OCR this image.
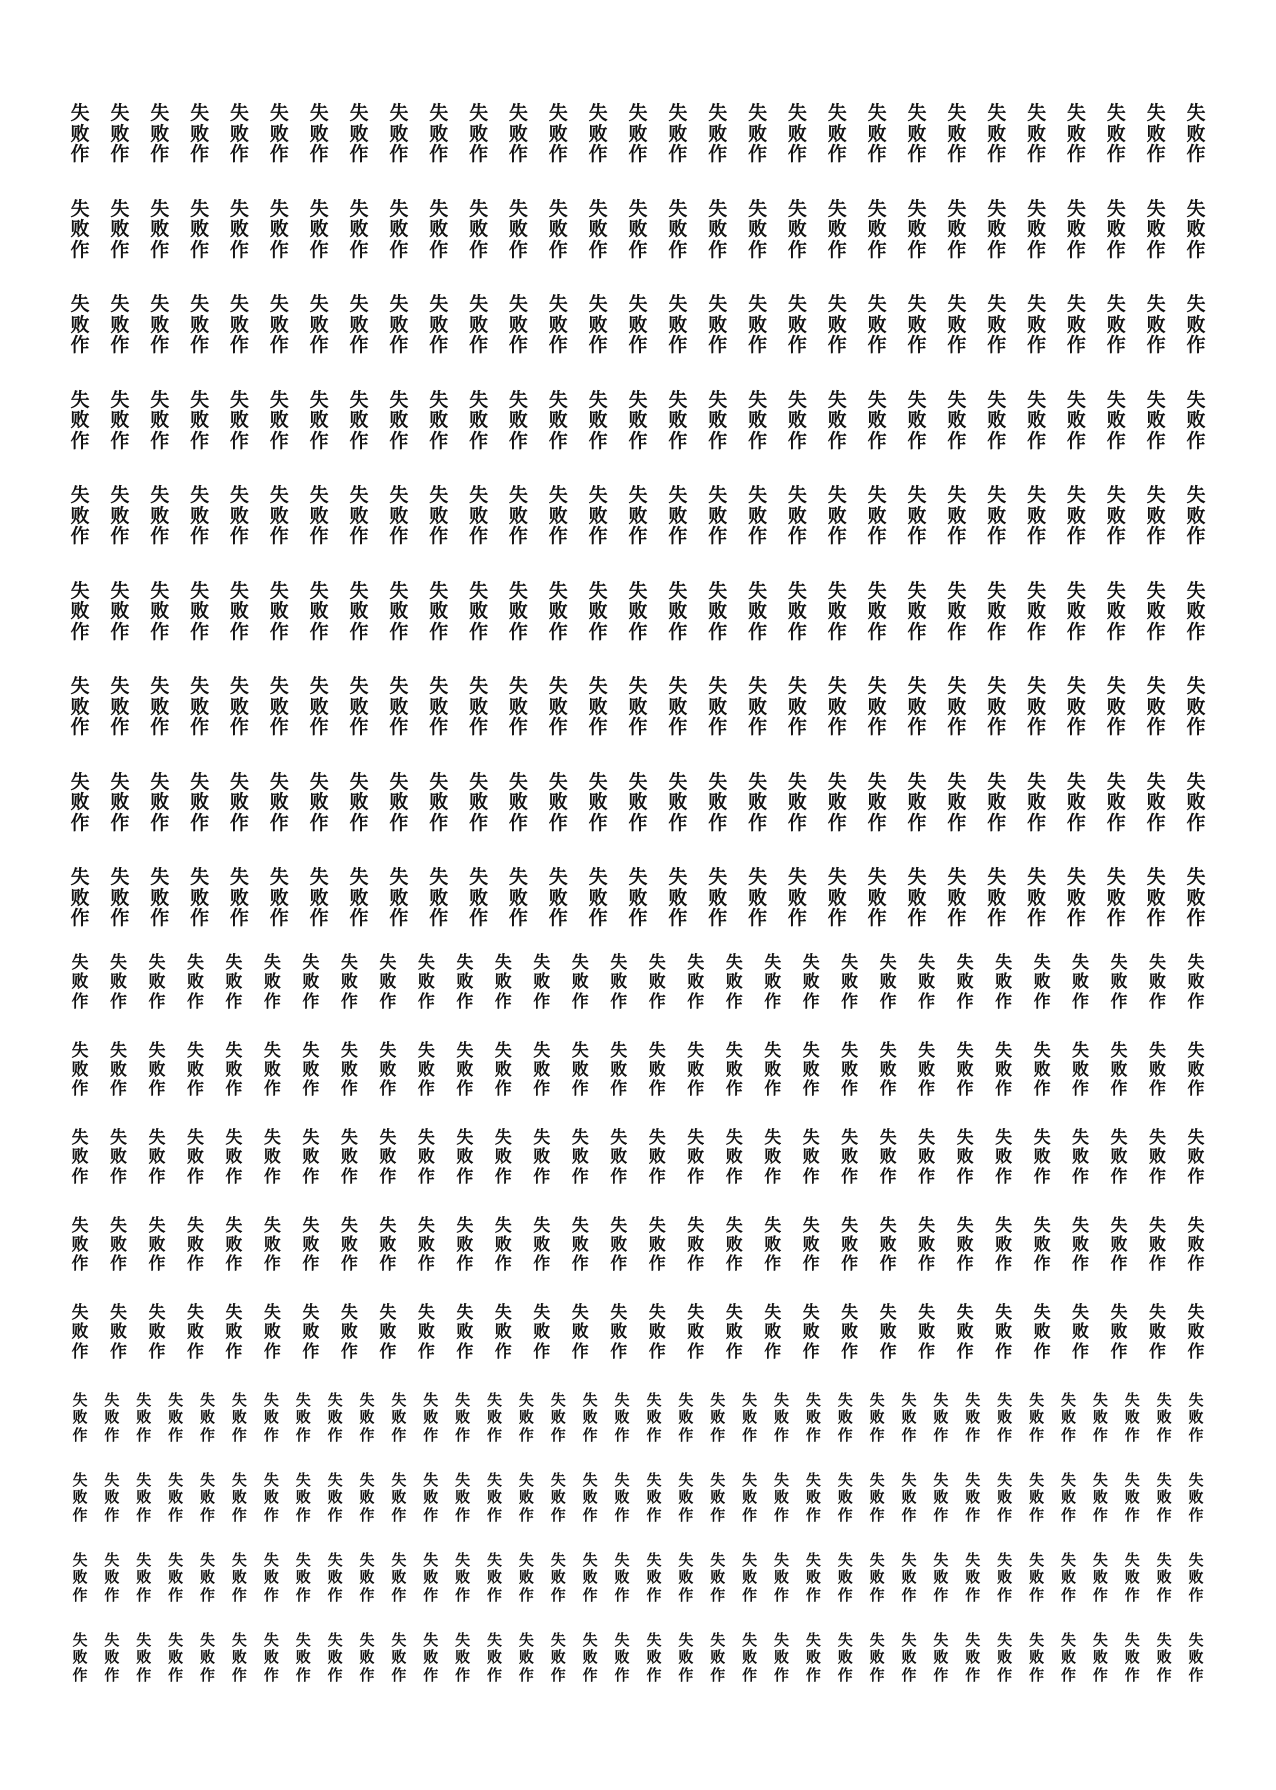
失
败
作
失
败
作
失
败
作
失
败
作
失
败
作
失
败
作
失
败
作
失
败
作
失
败
作
失
败
作
失
败
作
失
败
作
失
败
作
失
败
作
失
败
作
失
败
作
失
败
作
失
败
作
失
败
作
失
败
作
失
败
作
失
败
作
失
败
作
失
败
作
失
败
作
失
败
作
失
败
作
失
败
作
失
败
作
失
败
作
失
败
作
失
败
作
失
败
作
失
败
作
失
败
作
失
败
作
失
败
作
失
败
作
失
败
作
失
败
作
失
败
作
失
败
作
失
败
作
失
败
作
失
败
作
失
败
作
失
败
作
失
败
作
失
败
作
失
败
作
失
败
作
失
败
作
失
败
作
失
败
作
失
败
作
失
败
作
失
败
作
失
败
作
失
败
作
失
败
作
失
败
作
失
败
作
失
败
作
失
败
作
失
败
作
失
败
作
失
败
作
失
败
作
失
败
作
失
败
作
失
败
作
失
败
作
失
败
作
失
败
作
失
败
作
失
败
作
失
败
作
失
败
作
失
败
作
失
败
作
失
败
作
失
败
作
失
败
作
失
败
作
失
败
作
失
败
作
失
败
作
失
败
作
失
败
作
失
败
作
失
败
作
失
败
作
失
败
作
失
败
作
失
败
作
失
败
作
失
败
作
失
败
作
失
败
作
失
败
作
失
败
作
失
败
作
失
败
作
失
败
作
失
败
作
失
败
作
失
败
作
失
败
作
失
败
作
失
败
作
失
败
作
失
败
作
失
败
作
失
败
作
失
败
作
失
败
作
失
败
作
失
败
作
失
败
作
失
败
作
失
败
作
失
败
作
失
败
作
失
败
作
失
败
作
失
败
作
失
败
作
失
败
作
失
败
作
失
败
作
失
败
作
失
败
作
失
败
作
失
败
作
失
败
作
失
败
作
失
败
作
失
败
作
失
败
作
失
败
作
失
败
作
失
败
作
失
败
作
失
败
作
失
败
作
失
败
作
失
败
作
失
败
作
失
败
作
失
败
作
失
败
作
失
败
作
失
败
作
失
败
作
失
败
作
失
败
作
失
败
作
失
败
作
失
败
作
失
败
作
失
败
作
失
败
作
失
败
作
失
败
作
失
败
作
失
败
作
失
败
作
失
败
作
失
败
作
失
败
作
失
败
作
失
败
作
失
败
作
失
败
作
失
败
作
失
败
作
失
败
作
失
败
作
失
败
作
失
败
作
失
败
作
失
败
作
失
败
作
失
败
作
失
败
作
失
败
作
失
败
作
失
败
作
失
败
作
失
败
作
失
败
作
失
败
作
失
败
作
失
败
作
失
败
作
失
败
作
失
败
作
失
败
作
失
败
作
失
败
作
失
败
作
失
败
作
失
败
作
失
败
作
失
败
作
失
败
作
失
败
作
失
败
作
失
败
作
失
败
作
失
败
作
失
败
作
失
败
作
失
败
作
失
败
作
失
败
作
失
败
作
失
败
作
失
败
作
失
败
作
失
败
作
失
败
作
失
败
作
失
败
作
失
败
作
失
败
作
失
败
作
失
败
作
失
败
作
失
败
作
失
败
作
失
败
作
失
败
作
失
败
作
失
败
作
失
败
作
失
败
作
失
败
作
失
败
作
失
败
作
失
败
作
失
败
作
失
败
作
失
败
作
失
败
作
失
败
作
失
败
作
失
败
作
失
败
作
失
败
作
失
败
作
失
败
作
失
败
作
失
败
作
失
败
作
失
败
作
失
败
作
失
败
作
失
败
作
失
败
作
失
败
作
失
败
作
失
败
作
失
败
作
失
败
作
失
败
作
失
败
作
失
败
作
失
败
作
失
败
作
失
败
作
失
败
作
失
败
作
失
败
作
失
败
作
失
败
作
失
败
作
失
败
作
失
败
作
失
败
作
失
败
作
失
败
作
失
败
作
失
败
作
失
败
作
失
败
作
失
败
作
失
败
作
失
败
作
失
败
作
失
败
作
失
败
作
失
败
作
失
败
作
失
败
作
失
败
作
失
败
作
失
败
作
失
败
作
失
败
作
失
败
作
失
败
作
失
败
作
失
败
作
失
败
作
失
败
作
失
败
作
失
败
作
失
败
作
失
败
作
失
败
作
失
败
作
失
败
作
失
败
作
失
败
作
失
败
作
失
败
作
失
败
作
失
败
作
失
败
作
失
败
作
失
败
作
失
败
作
失
败
作
失
败
作
失
败
作
失
败
作
失
败
作
失
败
作
失
败
作
失
败
作
失
败
作
失
败
作
失
败
作
失
败
作
失
败
作
失
败
作
失
败
作
失
败
作
失
败
作
失
败
作
失
败
作
失
败
作
失
败
作
失
败
作
失
败
作
失
败
作
失
败
作
失
败
作
失
败
作
失
败
作
失
败
作
失
败
作
失
败
作
失
败
作
失
败
作
失
败
作
失
败
作
失
败
作
失
败
作
失
败
作
失
败
作
失
败
作
失
败
作
失
败
作
失
败
作
失
败
作
失
败
作
失
败
作
失
败
作
失
败
作
失
败
作
失
败
作
失
败
作
失
败
作
失
败
作
失
败
作
失
败
作
失
败
作
失
败
作
失
败
作
失
败
作
失
败
作
失
败
作
失
败
作
失
败
作
失
败
作
失
败
作
失
败
作
失
败
作
失
败
作
失
败
作
失
败
作
失
败
作
失
败
作
失
败
作
失
败
作
失
败
作
失
败
作
失
败
作
失
败
作
失
败
作
失
败
作
失
败
作
失
败
作
失
败
作
失
败
作
失
败
作
失
败
作
失
败
作
失
败
作
失
败
作
失
败
作
失
败
作
失
败
作
失
败
作
失
败
作
失
败
作
失
败
作
失
败
作
失
败
作
失
败
作
失
败
作
失
败
作
失
败
作
失
败
作
失
败
作
失
败
作
失
败
作
失
败
作
失
败
作
失
败
作
失
败
作
失
败
作
失
败
作
失
败
作
失
败
作
失
败
作
失
败
作
失
败
作
失
败
作
失
败
作
失
败
作
失
败
作
失
败
作
失
败
作
失
败
作
失
败
作
失
败
作
失
败
作
失
败
作
失
败
作
失
败
作
失
败
作
失
败
作
失
败
作
失
败
作
失
败
作
失
败
作
失
败
作
失
败
作
失
败
作
失
败
作
失
败
作
失
败
作
失
败
作
失
败
作
失
败
作
失
败
作
失
败
作
失
败
作
失
败
作
失
败
作
失
败
作
失
败
作
失
败
作
失
败
作
失
败
作
失
败
作
失
败
作
失
败
作
失
败
作
失
败
作
失
败
作
失
败
作
失
败
作
失
败
作
失
败
作
失
败
作
失
败
作
失
败
作
失
败
作
失
败
作
失
败
作
失
败
作
失
败
作
失
败
作
失
败
作
失
败
作
失
败
作
失
败
作
失
败
作
失
败
作
失
败
作
失
败
作
失
败
作
失
败
作
失
败
作
失
败
作
失
败
作
失
败
作
失
败
作
失
败
作
失
败
作
失
败
作
失
败
作
失
败
作
失
败
作
失
败
作
失
败
作
失
败
作
失
败
作
失
败
作
失
败
作
失
败
作
失
败
作
失
败
作
失
败
作
失
败
作
失
败
作
失
败
作
失
败
作
失
败
作
失
败
作
失
败
作
失
败
作
失
败
作
失
败
作
失
败
作
失
败
作
失
败
作
失
败
作
失
败
作
失
败
作
失
败
作
失
败
作
失
败
作
失
败
作
失
败
作
失
败
作
失
败
作
失
败
作
失
败
作
失
败
作
失
败
作
